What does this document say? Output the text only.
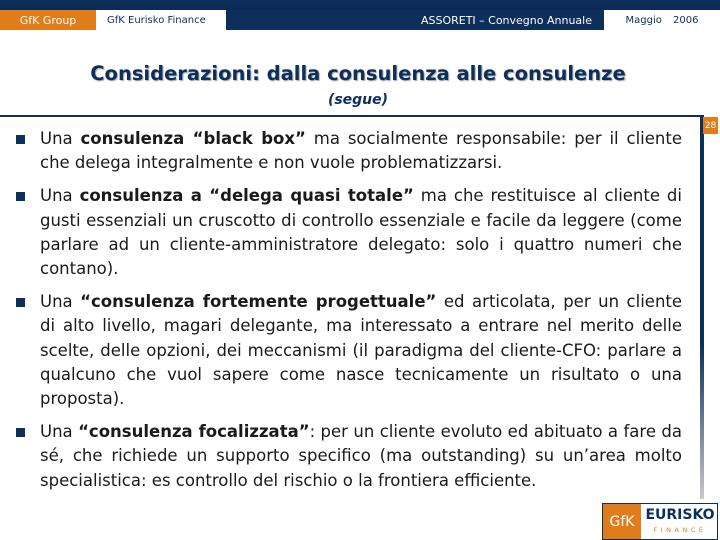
GfK Group	GfK Eurisko Finance	ASSORETI – Convegno Annuale	Maggio 2006
Considerazioni: dalla consulenza alle consulenze
(segue)
28
Una consulenza “black box” ma socialmente responsabile: per il cliente che delega integralmente e non vuole problematizzarsi.
Una consulenza a “delega quasi totale” ma che restituisce al cliente di gusti essenziali un cruscotto di controllo essenziale e facile da leggere (come parlare ad un cliente-amministratore delegato: solo i quattro numeri che contano).
Una “consulenza fortemente progettuale” ed articolata, per un cliente di alto livello, magari delegante, ma interessato a entrare nel merito delle scelte, delle opzioni, dei meccanismi (il paradigma del cliente-CFO: parlare a qualcuno che vuol sapere come nasce tecnicamente un risultato o una proposta).
Una “consulenza focalizzata”: per un cliente evoluto ed abituato a fare da sé, che richiede un supporto specifico (ma outstanding) su un’area molto specialistica: es controllo del rischio o la frontiera efficiente.
GfK EURISKO
FINANCE
